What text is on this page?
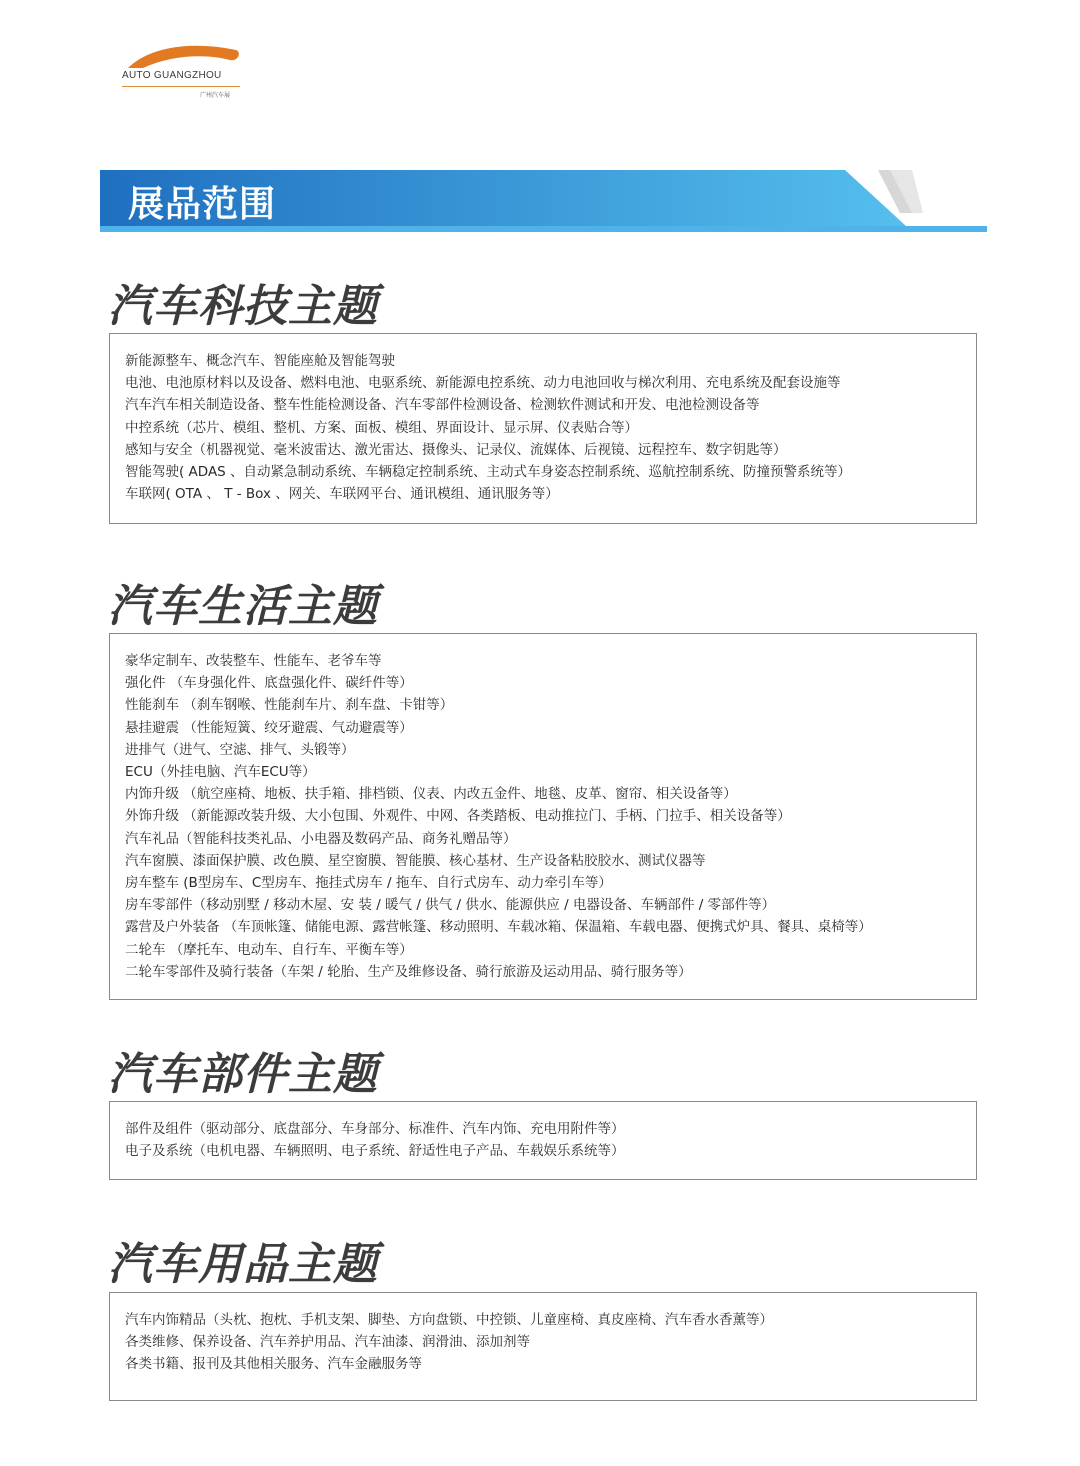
AUTO GUANGZHOU
广州汽车展
展品范围
汽车科技主题
新能源整车、概念汽车、智能座舱及智能驾驶
电池、电池原材料以及设备、燃料电池、电驱系统、新能源电控系统、动力电池回收与梯次利用、充电系统及配套设施等
汽车汽车相关制造设备、整车性能检测设备、汽车零部件检测设备、检测软件测试和开发、电池检测设备等
中控系统（芯片、模组、整机、方案、面板、模组、界面设计、显示屏、仪表贴合等）
感知与安全（机器视觉、毫米波雷达、激光雷达、摄像头、记录仪、流媒体、后视镜、远程控车、数字钥匙等）
智能驾驶( ADAS 、自动紧急制动系统、车辆稳定控制系统、主动式车身姿态控制系统、巡航控制系统、防撞预警系统等）
车联网( OTA 、 T - Box 、网关、车联网平台、通讯模组、通讯服务等）
汽车生活主题
豪华定制车、改装整车、性能车、老爷车等
强化件 （车身强化件、底盘强化件、碳纤件等）
性能刹车 （刹车钢喉、性能刹车片、刹车盘、卡钳等）
悬挂避震 （性能短簧、绞牙避震、气动避震等）
进排气（进气、空滤、排气、头锻等）
ECU（外挂电脑、汽车ECU等）
内饰升级 （航空座椅、地板、扶手箱、排档锁、仪表、内改五金件、地毯、皮革、窗帘、相关设备等）
外饰升级 （新能源改装升级、大小包围、外观件、中网、各类踏板、电动推拉门、手柄、门拉手、相关设备等）
汽车礼品（智能科技类礼品、小电器及数码产品、商务礼赠品等）
汽车窗膜、漆面保护膜、改色膜、星空窗膜、智能膜、核心基材、生产设备粘胶胶水、测试仪器等
房车整车 (B型房车、C型房车、拖挂式房车 / 拖车、自行式房车、动力牵引车等）
房车零部件（移动别墅 / 移动木屋、安 装 / 暖气 / 供气 / 供水、能源供应 / 电器设备、车辆部件 / 零部件等）
露营及户外装备 （车顶帐篷、储能电源、露营帐篷、移动照明、车载冰箱、保温箱、车载电器、便携式炉具、餐具、桌椅等）
二轮车 （摩托车、电动车、自行车、平衡车等）
二轮车零部件及骑行装备（车架 / 轮胎、生产及维修设备、骑行旅游及运动用品、骑行服务等）
汽车部件主题
部件及组件（驱动部分、底盘部分、车身部分、标准件、汽车内饰、充电用附件等）
电子及系统（电机电器、车辆照明、电子系统、舒适性电子产品、车载娱乐系统等）
汽车用品主题
汽车内饰精品（头枕、抱枕、手机支架、脚垫、方向盘锁、中控锁、儿童座椅、真皮座椅、汽车香水香薰等）
各类维修、保养设备、汽车养护用品、汽车油漆、润滑油、添加剂等
各类书籍、报刊及其他相关服务、汽车金融服务等
